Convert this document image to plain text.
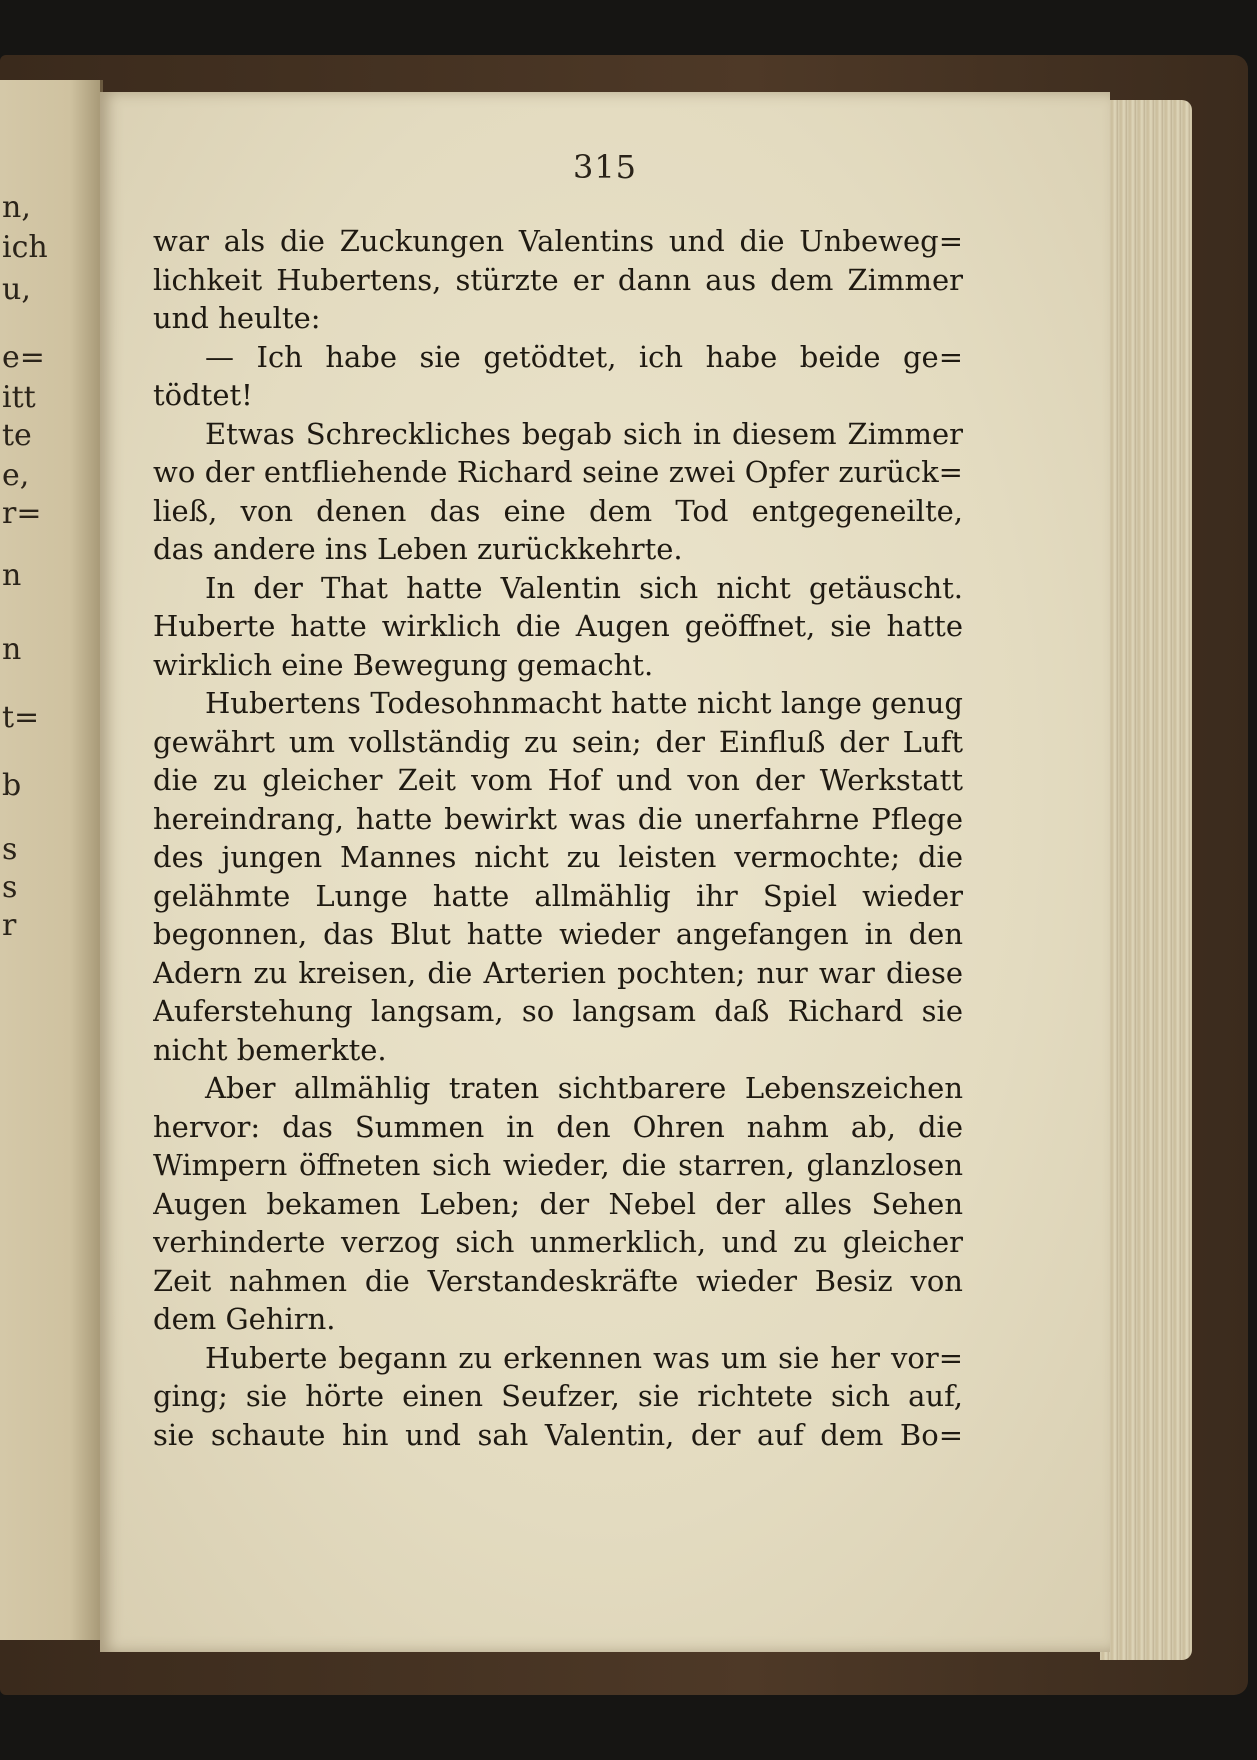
n,
ich
u,
e=
itt
te
e,
r=
n
n
t=
b
s
s
r
315
war als die Zuckungen Valentins und die Unbeweg=
lichkeit Hubertens, stürzte er dann aus dem Zimmer
und heulte:
— Ich habe sie getödtet, ich habe beide ge=
tödtet!
Etwas Schreckliches begab sich in diesem Zimmer
wo der entfliehende Richard seine zwei Opfer zurück=
ließ, von denen das eine dem Tod entgegeneilte,
das andere ins Leben zurückkehrte.
In der That hatte Valentin sich nicht getäuscht.
Huberte hatte wirklich die Augen geöffnet, sie hatte
wirklich eine Bewegung gemacht.
Hubertens Todesohnmacht hatte nicht lange genug
gewährt um vollständig zu sein; der Einfluß der Luft
die zu gleicher Zeit vom Hof und von der Werkstatt
hereindrang, hatte bewirkt was die unerfahrne Pflege
des jungen Mannes nicht zu leisten vermochte; die
gelähmte Lunge hatte allmählig ihr Spiel wieder
begonnen, das Blut hatte wieder angefangen in den
Adern zu kreisen, die Arterien pochten; nur war diese
Auferstehung langsam, so langsam daß Richard sie
nicht bemerkte.
Aber allmählig traten sichtbarere Lebenszeichen
hervor: das Summen in den Ohren nahm ab, die
Wimpern öffneten sich wieder, die starren, glanzlosen
Augen bekamen Leben; der Nebel der alles Sehen
verhinderte verzog sich unmerklich, und zu gleicher
Zeit nahmen die Verstandeskräfte wieder Besiz von
dem Gehirn.
Huberte begann zu erkennen was um sie her vor=
ging; sie hörte einen Seufzer, sie richtete sich auf,
sie schaute hin und sah Valentin, der auf dem Bo=
